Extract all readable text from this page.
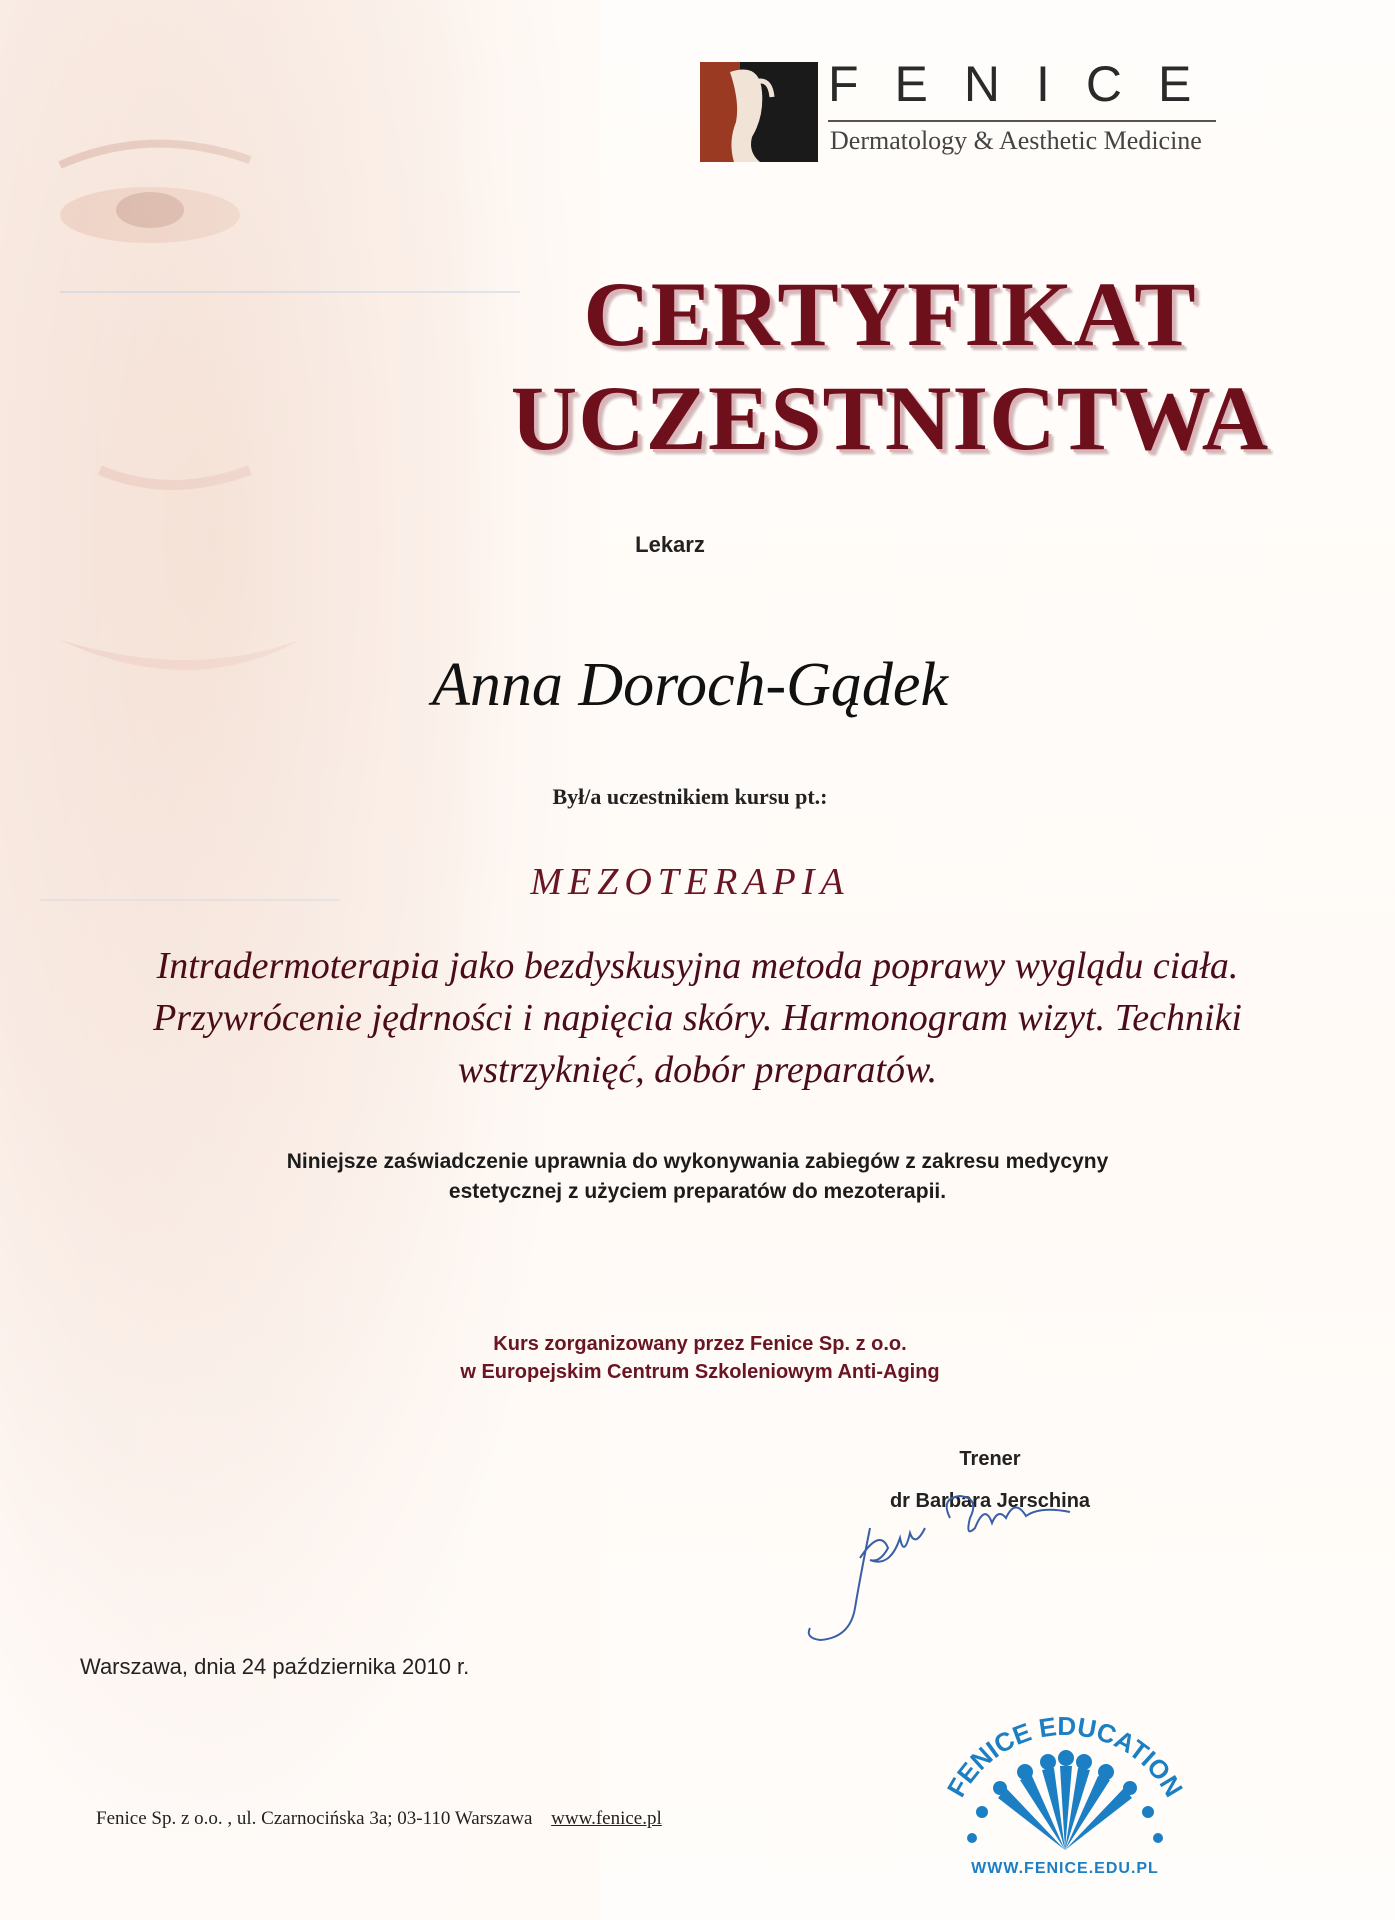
FENICE
Dermatology & Aesthetic Medicine
CERTYFIKAT
UCZESTNICTWA
Lekarz
Anna Doroch-Gądek
Był/a uczestnikiem kursu pt.:
MEZOTERAPIA
Intradermoterapia jako bezdyskusyjna metoda poprawy wyglądu ciała.
Przywrócenie jędrności i napięcia skóry. Harmonogram wizyt. Techniki
wstrzyknięć, dobór preparatów.
Niniejsze zaświadczenie uprawnia do wykonywania zabiegów z zakresu medycyny
estetycznej z użyciem preparatów do mezoterapii.
Kurs zorganizowany przez Fenice Sp. z o.o.
w Europejskim Centrum Szkoleniowym Anti-Aging
Trener
dr Barbara Jerschina
Warszawa, dnia 24 października 2010 r.
Fenice Sp. z o.o. , ul. Czarnocińska 3a; 03-110 Warszawa www.fenice.pl
FENICE EDUCATION
WWW.FENICE.EDU.PL
